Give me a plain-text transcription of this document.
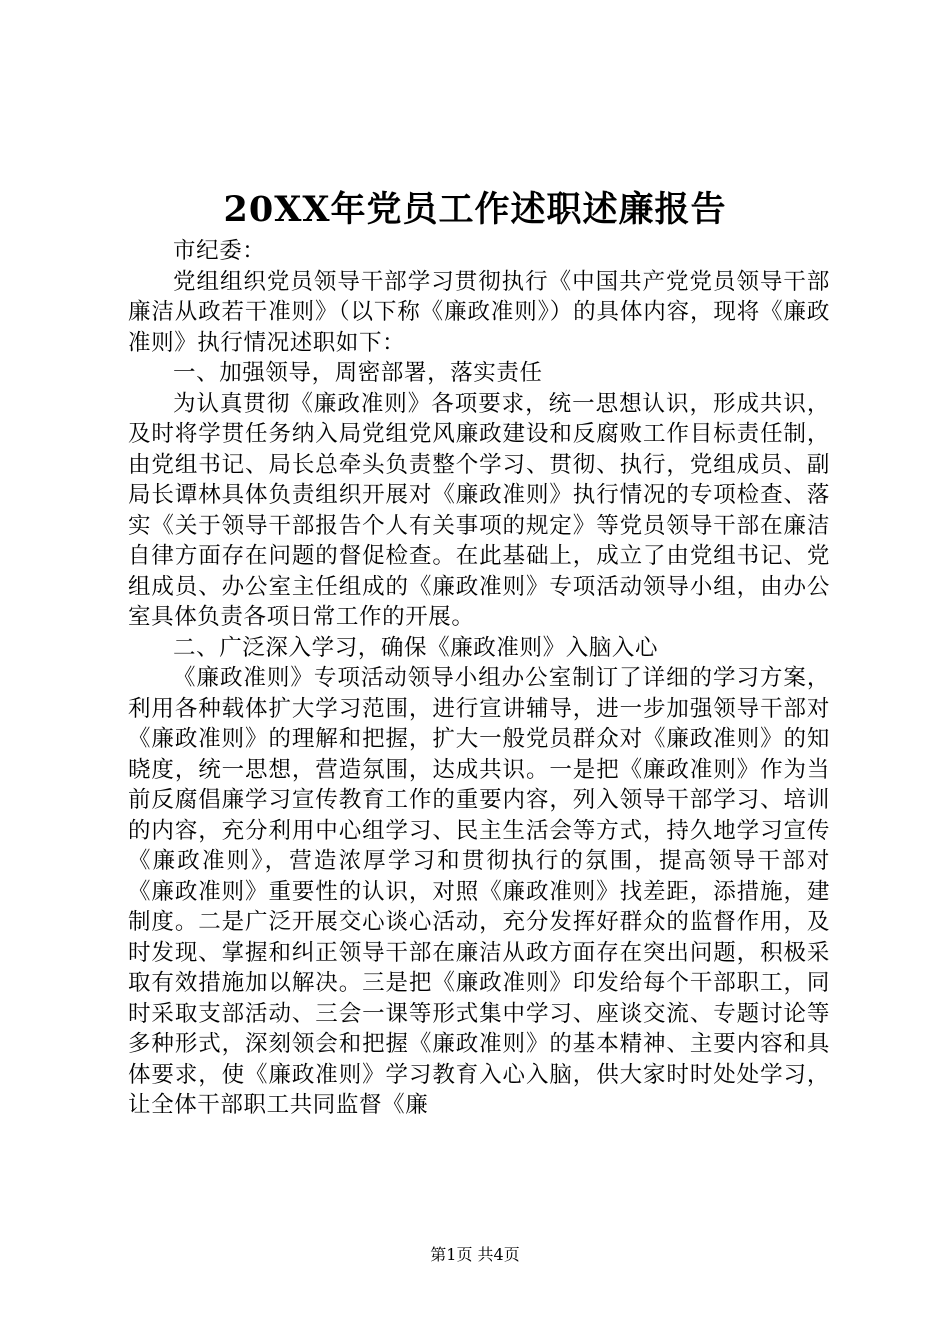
20XX年党员工作述职述廉报告

市纪委：

党组组织党员领导干部学习贯彻执行《中国共产党党员领导干部廉洁从政若干准则》（以下称《廉政准则》）的具体内容，现将《廉政准则》执行情况述职如下：

一、加强领导，周密部署，落实责任

为认真贯彻《廉政准则》各项要求，统一思想认识，形成共识，及时将学贯任务纳入局党组党风廉政建设和反腐败工作目标责任制，由党组书记、局长总牵头负责整个学习、贯彻、执行，党组成员、副局长谭林具体负责组织开展对《廉政准则》执行情况的专项检查、落实《关于领导干部报告个人有关事项的规定》等党员领导干部在廉洁自律方面存在问题的督促检查。在此基础上，成立了由党组书记、党组成员、办公室主任组成的《廉政准则》专项活动领导小组，由办公室具体负责各项日常工作的开展。

二、广泛深入学习，确保《廉政准则》入脑入心

《廉政准则》专项活动领导小组办公室制订了详细的学习方案，利用各种载体扩大学习范围，进行宣讲辅导，进一步加强领导干部对《廉政准则》的理解和把握，扩大一般党员群众对《廉政准则》的知晓度，统一思想，营造氛围，达成共识。一是把《廉政准则》作为当前反腐倡廉学习宣传教育工作的重要内容，列入领导干部学习、培训的内容，充分利用中心组学习、民主生活会等方式，持久地学习宣传《廉政准则》，营造浓厚学习和贯彻执行的氛围，提高领导干部对《廉政准则》重要性的认识，对照《廉政准则》找差距，添措施，建制度。二是广泛开展交心谈心活动，充分发挥好群众的监督作用，及时发现、掌握和纠正领导干部在廉洁从政方面存在突出问题，积极采取有效措施加以解决。三是把《廉政准则》印发给每个干部职工，同时采取支部活动、三会一课等形式集中学习、座谈交流、专题讨论等多种形式，深刻领会和把握《廉政准则》的基本精神、主要内容和具体要求，使《廉政准则》学习教育入心入脑，供大家时时处处学习，让全体干部职工共同监督《廉

第1页 共4页
